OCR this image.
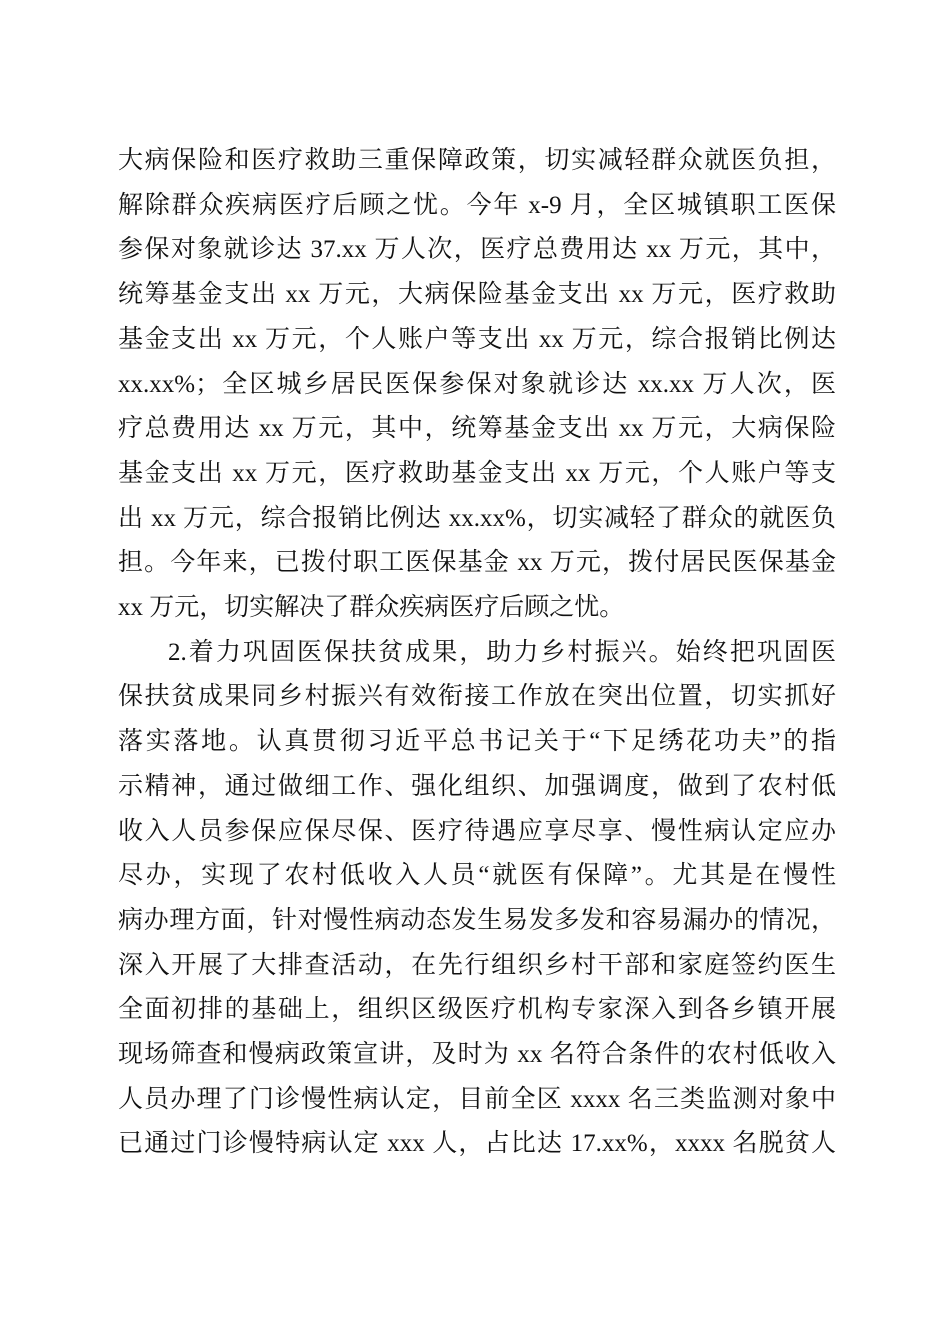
大病保险和医疗救助三重保障政策，切实减轻群众就医负担，
解除群众疾病医疗后顾之忧。今年 x-9 月，全区城镇职工医保
参保对象就诊达 37.xx 万人次，医疗总费用达 xx 万元，其中，
统筹基金支出 xx 万元，大病保险基金支出 xx 万元，医疗救助
基金支出 xx 万元，个人账户等支出 xx 万元，综合报销比例达
xx.xx%；全区城乡居民医保参保对象就诊达 xx.xx 万人次，医
疗总费用达 xx 万元，其中，统筹基金支出 xx 万元，大病保险
基金支出 xx 万元，医疗救助基金支出 xx 万元，个人账户等支
出 xx 万元，综合报销比例达 xx.xx%，切实减轻了群众的就医负
担。今年来，已拨付职工医保基金 xx 万元，拨付居民医保基金
xx 万元，切实解决了群众疾病医疗后顾之忧。
2.着力巩固医保扶贫成果，助力乡村振兴。始终把巩固医
保扶贫成果同乡村振兴有效衔接工作放在突出位置，切实抓好
落实落地。认真贯彻习近平总书记关于“下足绣花功夫”的指
示精神，通过做细工作、强化组织、加强调度，做到了农村低
收入人员参保应保尽保、医疗待遇应享尽享、慢性病认定应办
尽办，实现了农村低收入人员“就医有保障”。尤其是在慢性
病办理方面，针对慢性病动态发生易发多发和容易漏办的情况，
深入开展了大排查活动，在先行组织乡村干部和家庭签约医生
全面初排的基础上，组织区级医疗机构专家深入到各乡镇开展
现场筛查和慢病政策宣讲，及时为 xx 名符合条件的农村低收入
人员办理了门诊慢性病认定，目前全区 xxxx 名三类监测对象中
已通过门诊慢特病认定 xxx 人，占比达 17.xx%，xxxx 名脱贫人
